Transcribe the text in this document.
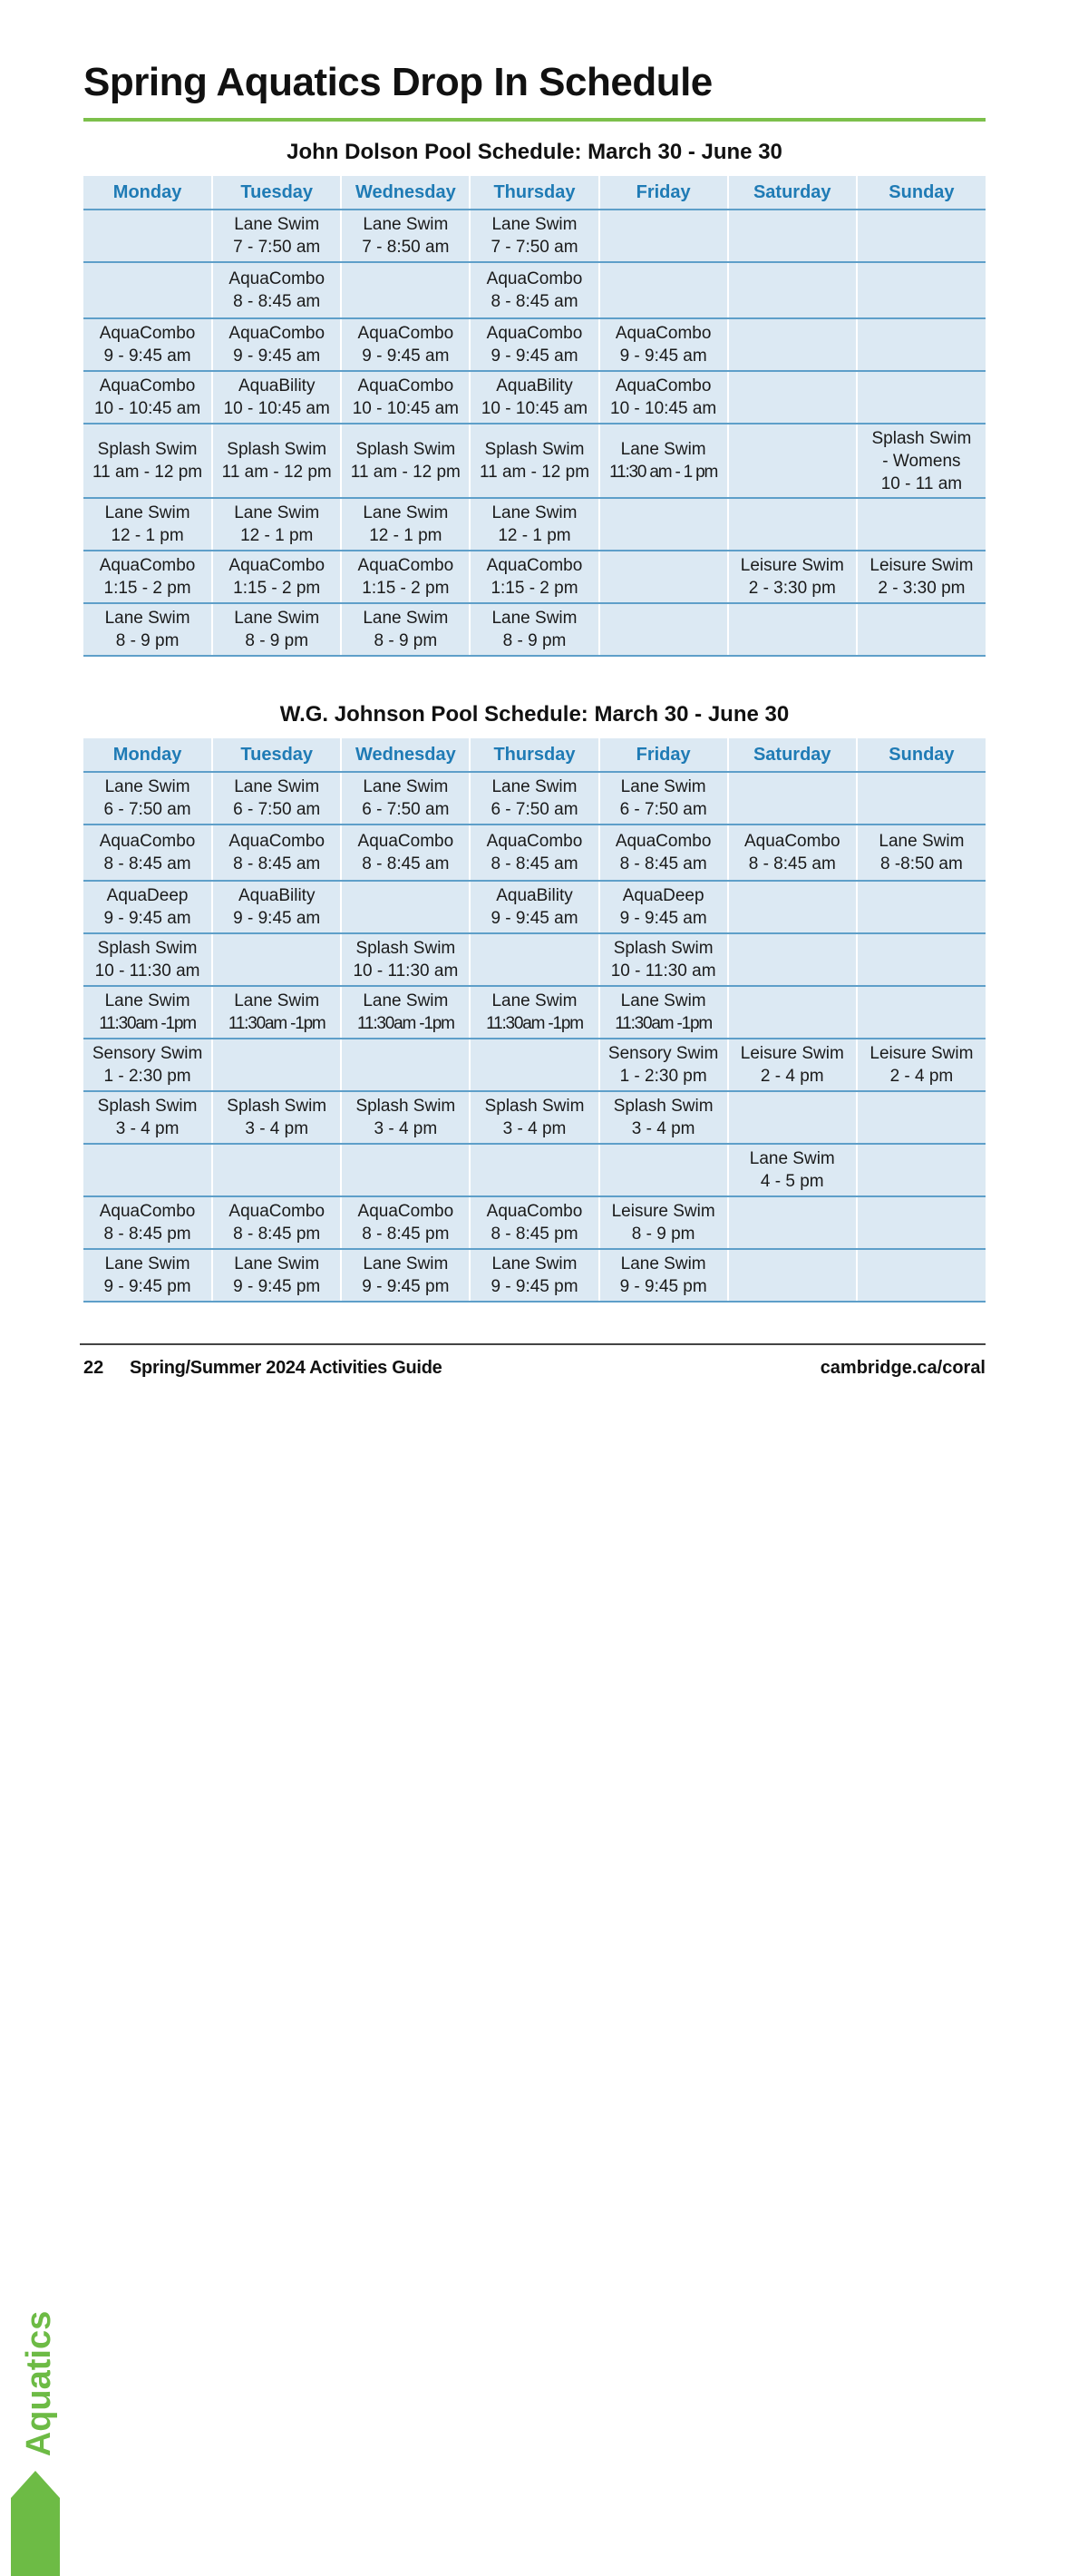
Spring Aquatics Drop In Schedule
John Dolson Pool Schedule: March 30 - June 30
Monday	Tuesday	Wednesday	Thursday	Friday	Saturday	Sunday

	Lane Swim
7 - 7:50 am	Lane Swim
7 - 8:50 am	Lane Swim
7 - 7:50 am			

	AquaCombo
8 - 8:45 am		AquaCombo
8 - 8:45 am			

AquaCombo
9 - 9:45 am	AquaCombo
9 - 9:45 am	AquaCombo
9 - 9:45 am	AquaCombo
9 - 9:45 am	AquaCombo
9 - 9:45 am		

AquaCombo
10 - 10:45 am	AquaBility
10 - 10:45 am	AquaCombo
10 - 10:45 am	AquaBility
10 - 10:45 am	AquaCombo
10 - 10:45 am		

Splash Swim
11 am - 12 pm	Splash Swim
11 am - 12 pm	Splash Swim
11 am - 12 pm	Splash Swim
11 am - 12 pm	Lane Swim
11:30 am - 1 pm		Splash Swim
- Womens
10 - 11 am

Lane Swim
12 - 1 pm	Lane Swim
12 - 1 pm	Lane Swim
12 - 1 pm	Lane Swim
12 - 1 pm			

AquaCombo
1:15 - 2 pm	AquaCombo
1:15 - 2 pm	AquaCombo
1:15 - 2 pm	AquaCombo
1:15 - 2 pm		Leisure Swim
2 - 3:30 pm	Leisure Swim
2 - 3:30 pm

Lane Swim
8 - 9 pm	Lane Swim
8 - 9 pm	Lane Swim
8 - 9 pm	Lane Swim
8 - 9 pm			

W.G. Johnson Pool Schedule: March 30 - June 30
Monday	Tuesday	Wednesday	Thursday	Friday	Saturday	Sunday

Lane Swim
6 - 7:50 am	Lane Swim
6 - 7:50 am	Lane Swim
6 - 7:50 am	Lane Swim
6 - 7:50 am	Lane Swim
6 - 7:50 am		

AquaCombo
8 - 8:45 am	AquaCombo
8 - 8:45 am	AquaCombo
8 - 8:45 am	AquaCombo
8 - 8:45 am	AquaCombo
8 - 8:45 am	AquaCombo
8 - 8:45 am	Lane Swim
8 -8:50 am

AquaDeep
9 - 9:45 am	AquaBility
9 - 9:45 am		AquaBility
9 - 9:45 am	AquaDeep
9 - 9:45 am		

Splash Swim
10 - 11:30 am		Splash Swim
10 - 11:30 am		Splash Swim
10 - 11:30 am		

Lane Swim
11:30am -1pm	Lane Swim
11:30am -1pm	Lane Swim
11:30am -1pm	Lane Swim
11:30am -1pm	Lane Swim
11:30am -1pm		

Sensory Swim
1 - 2:30 pm				Sensory Swim
1 - 2:30 pm	Leisure Swim
2 - 4 pm	Leisure Swim
2 - 4 pm

Splash Swim
3 - 4 pm	Splash Swim
3 - 4 pm	Splash Swim
3 - 4 pm	Splash Swim
3 - 4 pm	Splash Swim
3 - 4 pm		

					Lane Swim
4 - 5 pm	

AquaCombo
8 - 8:45 pm	AquaCombo
8 - 8:45 pm	AquaCombo
8 - 8:45 pm	AquaCombo
8 - 8:45 pm	Leisure Swim
8 - 9 pm		

Lane Swim
9 - 9:45 pm	Lane Swim
9 - 9:45 pm	Lane Swim
9 - 9:45 pm	Lane Swim
9 - 9:45 pm	Lane Swim
9 - 9:45 pm		

Aquatics
22 Spring/Summer 2024 Activities Guide	cambridge.ca/coral
